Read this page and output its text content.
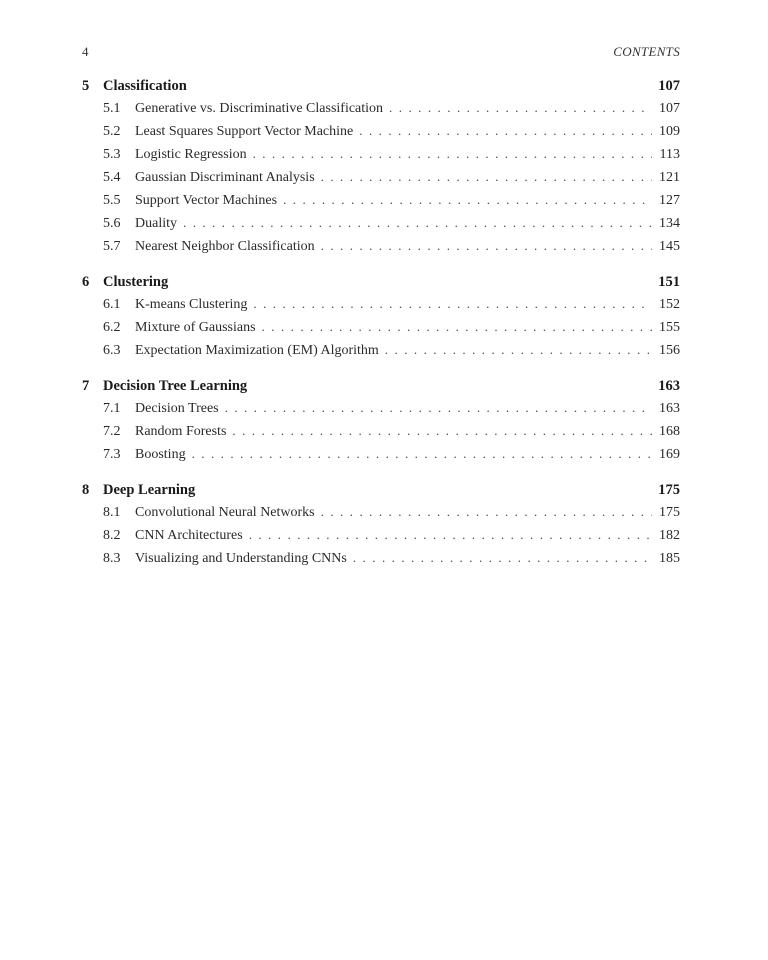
4	CONTENTS
5 Classification	107
5.1	Generative vs. Discriminative Classification . . .	107
5.2	Least Squares Support Vector Machine . . .	109
5.3	Logistic Regression . . .	113
5.4	Gaussian Discriminant Analysis . . .	121
5.5	Support Vector Machines . . .	127
5.6	Duality . . .	134
5.7	Nearest Neighbor Classification . . .	145
6 Clustering	151
6.1	K-means Clustering . . .	152
6.2	Mixture of Gaussians . . .	155
6.3	Expectation Maximization (EM) Algorithm . . .	156
7 Decision Tree Learning	163
7.1	Decision Trees . . .	163
7.2	Random Forests . . .	168
7.3	Boosting . . .	169
8 Deep Learning	175
8.1	Convolutional Neural Networks . . .	175
8.2	CNN Architectures . . .	182
8.3	Visualizing and Understanding CNNs . . .	185
